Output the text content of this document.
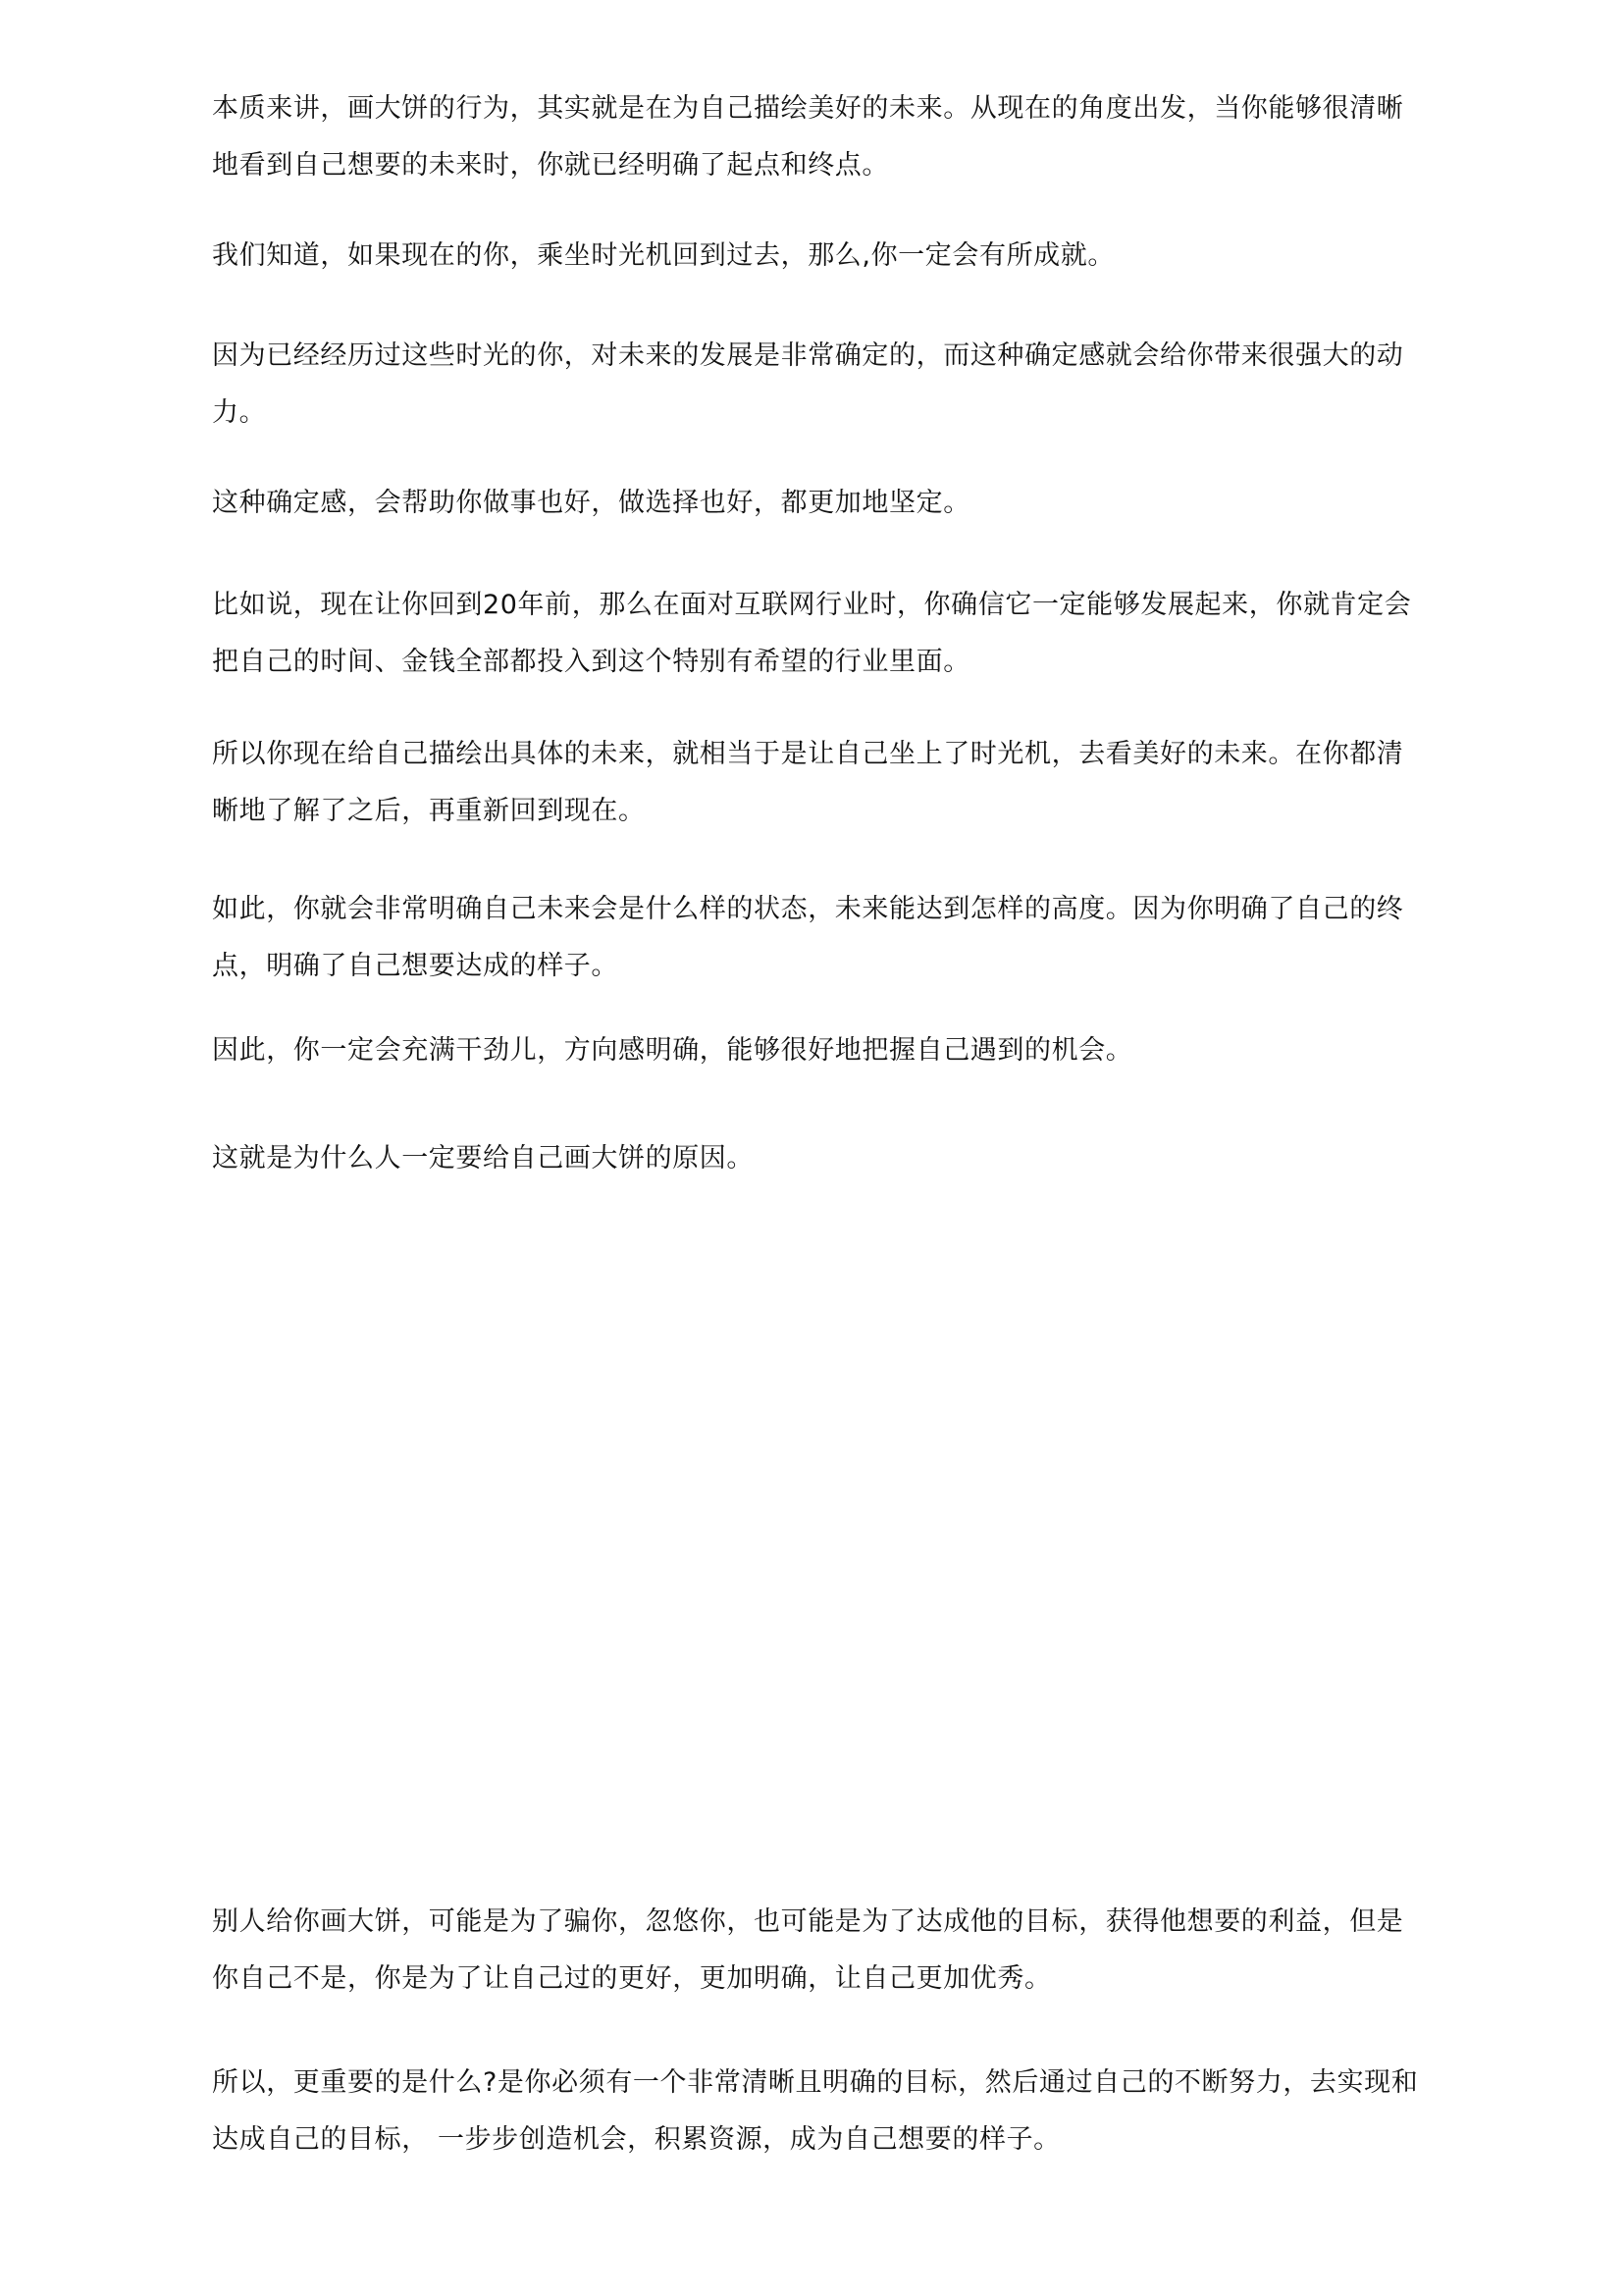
本质来讲，画大饼的行为，其实就是在为自己描绘美好的未来。从现在的角度出发，当你能够很清晰地看到自己想要的未来时，你就已经明确了起点和终点。

我们知道，如果现在的你，乘坐时光机回到过去，那么,你一定会有所成就。

因为已经经历过这些时光的你，对未来的发展是非常确定的，而这种确定感就会给你带来很强大的动力。

这种确定感，会帮助你做事也好，做选择也好，都更加地坚定。

比如说，现在让你回到20年前，那么在面对互联网行业时，你确信它一定能够发展起来，你就肯定会把自己的时间、金钱全部都投入到这个特别有希望的行业里面。

所以你现在给自己描绘出具体的未来，就相当于是让自己坐上了时光机，去看美好的未来。在你都清晰地了解了之后，再重新回到现在。

如此，你就会非常明确自己未来会是什么样的状态，未来能达到怎样的高度。因为你明确了自己的终点，明确了自己想要达成的样子。

因此，你一定会充满干劲儿，方向感明确，能够很好地把握自己遇到的机会。

这就是为什么人一定要给自己画大饼的原因。

别人给你画大饼，可能是为了骗你，忽悠你，也可能是为了达成他的目标，获得他想要的利益，但是你自己不是，你是为了让自己过的更好，更加明确，让自己更加优秀。

所以，更重要的是什么?是你必须有一个非常清晰且明确的目标，然后通过自己的不断努力，去实现和达成自己的目标， 一步步创造机会，积累资源，成为自己想要的样子。
